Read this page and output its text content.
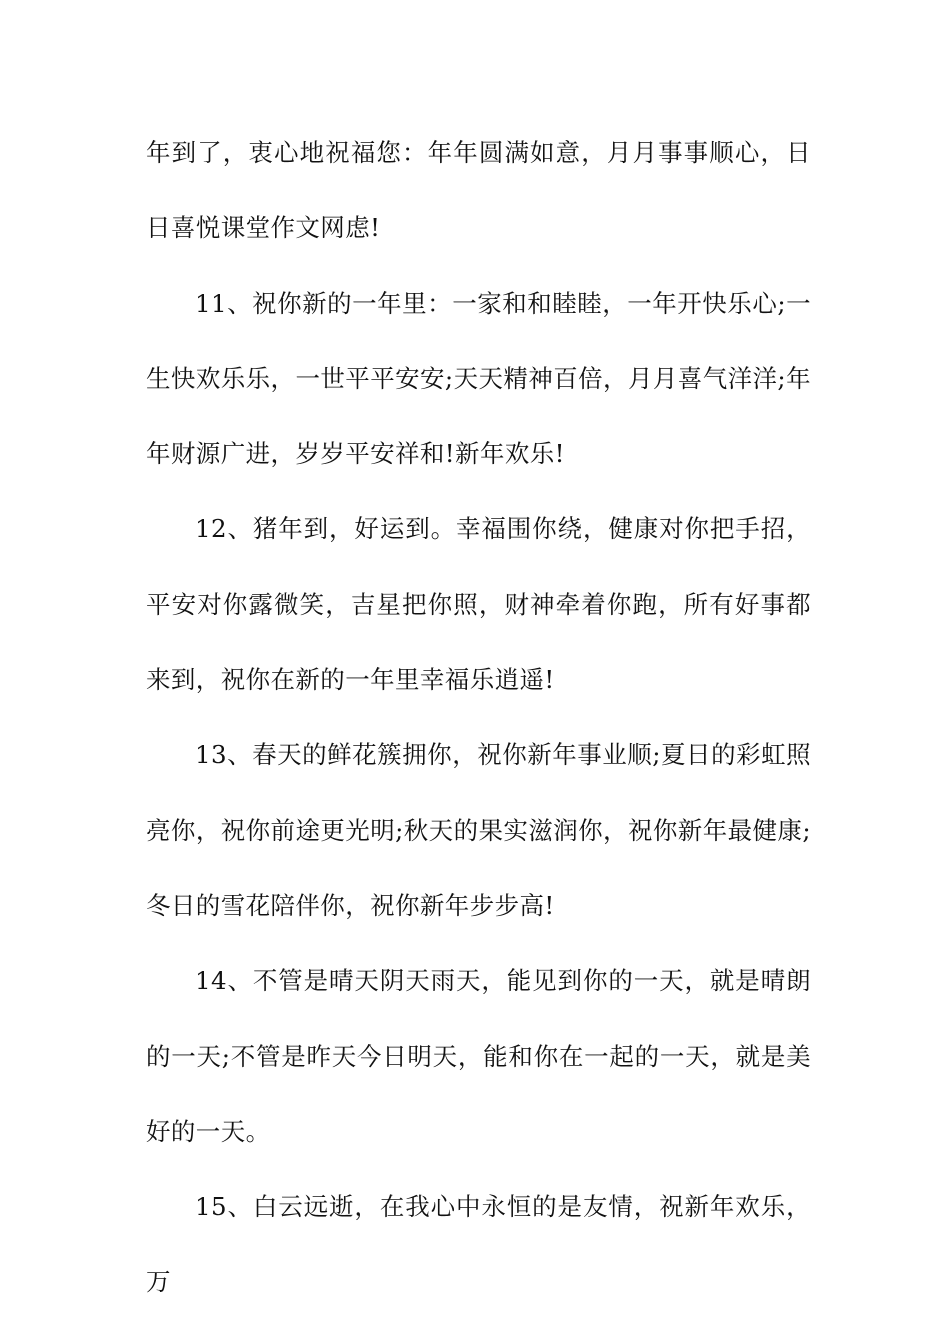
年到了，衷心地祝福您：年年圆满如意，月月事事顺心，日日喜悦课堂作文网虑!

11、祝你新的一年里：一家和和睦睦，一年开快乐心;一生快欢乐乐，一世平平安安;天天精神百倍，月月喜气洋洋;年年财源广进，岁岁平安祥和!新年欢乐!

12、猪年到，好运到。幸福围你绕，健康对你把手招，平安对你露微笑，吉星把你照，财神牵着你跑，所有好事都来到，祝你在新的一年里幸福乐逍遥!

13、春天的鲜花簇拥你，祝你新年事业顺;夏日的彩虹照亮你，祝你前途更光明;秋天的果实滋润你，祝你新年最健康;冬日的雪花陪伴你，祝你新年步步高!

14、不管是晴天阴天雨天，能见到你的一天，就是晴朗的一天;不管是昨天今日明天，能和你在一起的一天，就是美好的一天。

15、白云远逝，在我心中永恒的是友情，祝新年欢乐，万
